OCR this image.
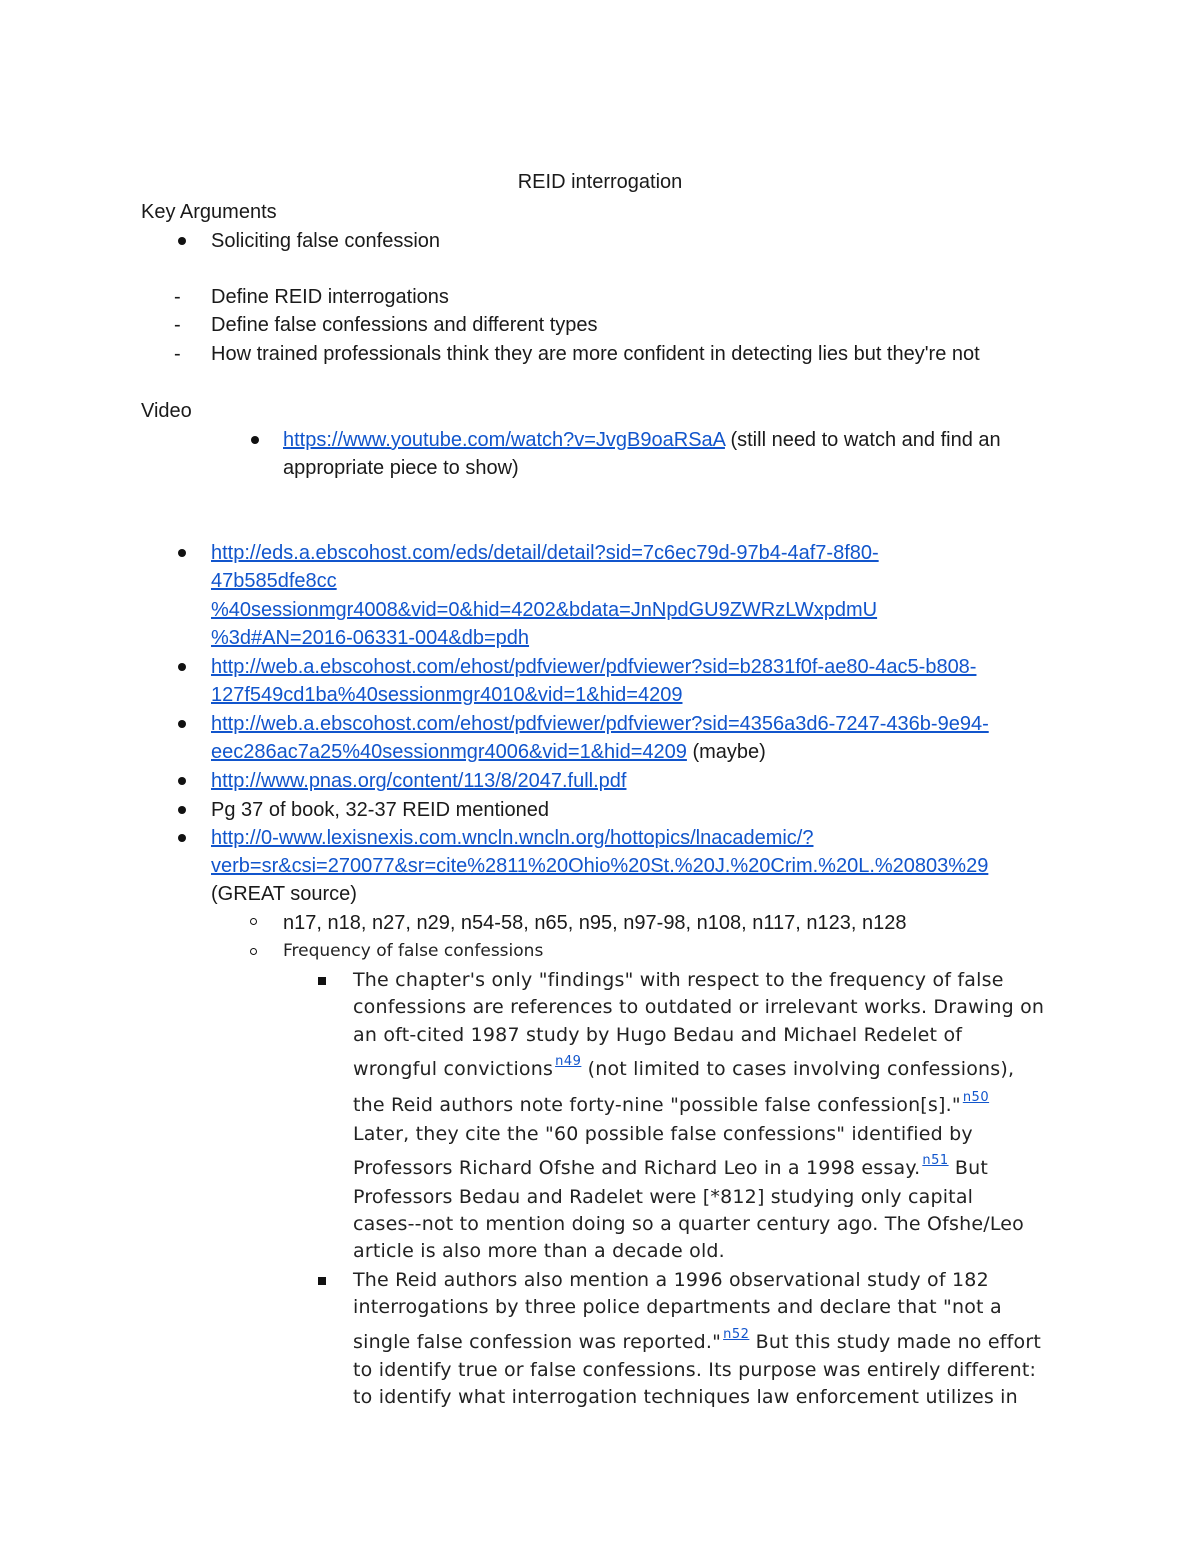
REID interrogation
Key Arguments
Soliciting false confession
- Define REID interrogations
- Define false confessions and different types
- How trained professionals think they are more confident in detecting lies but they're not
Video
https://www.youtube.com/watch?v=JvgB9oaRSaA (still need to watch and find an
appropriate piece to show)
http://eds.a.ebscohost.com/eds/detail/detail?sid=7c6ec79d-97b4-4af7-8f80-
47b585dfe8cc
%40sessionmgr4008&vid=0&hid=4202&bdata=JnNpdGU9ZWRzLWxpdmU
%3d#AN=2016-06331-004&db=pdh
http://web.a.ebscohost.com/ehost/pdfviewer/pdfviewer?sid=b2831f0f-ae80-4ac5-b808-
127f549cd1ba%40sessionmgr4010&vid=1&hid=4209
http://web.a.ebscohost.com/ehost/pdfviewer/pdfviewer?sid=4356a3d6-7247-436b-9e94-
eec286ac7a25%40sessionmgr4006&vid=1&hid=4209 (maybe)
http://www.pnas.org/content/113/8/2047.full.pdf
Pg 37 of book, 32-37 REID mentioned
http://0-www.lexisnexis.com.wncln.wncln.org/hottopics/lnacademic/?
verb=sr&csi=270077&sr=cite%2811%20Ohio%20St.%20J.%20Crim.%20L.%20803%29
(GREAT source)
n17, n18, n27, n29, n54-58, n65, n95, n97-98, n108, n117, n123, n128
Frequency of false confessions
The chapter's only "findings" with respect to the frequency of false
confessions are references to outdated or irrelevant works. Drawing on
an oft-cited 1987 study by Hugo Bedau and Michael Redelet of
wrongful convictions $^{n49}$ (not limited to cases involving confessions),
the Reid authors note forty-nine "possible false confession[s]." $^{n50}$
Later, they cite the "60 possible false confessions" identified by
Professors Richard Ofshe and Richard Leo in a 1998 essay. $^{n51}$ But
Professors Bedau and Radelet were [*812] studying only capital
cases--not to mention doing so a quarter century ago. The Ofshe/Leo
article is also more than a decade old.
The Reid authors also mention a 1996 observational study of 182
interrogations by three police departments and declare that "not a
single false confession was reported." $^{n52}$ But this study made no effort
to identify true or false confessions. Its purpose was entirely different:
to identify what interrogation techniques law enforcement utilizes in
